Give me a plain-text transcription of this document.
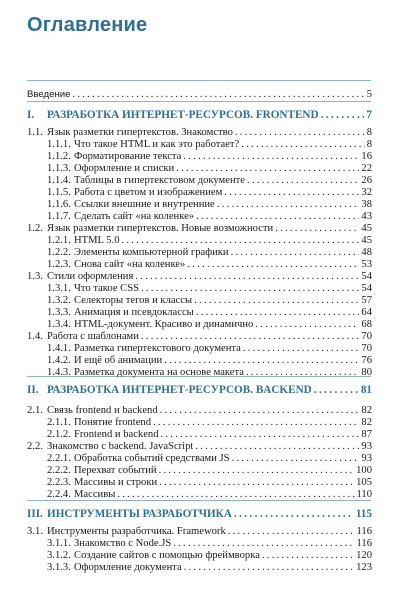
Оглавление
Введение	5
. . .
I. РАЗРАБОТКА ИНТЕРНЕТ-РЕСУРСОВ. FRONTEND	7
. . .
1.1. Язык разметки гипертекстов. Знакомство	8
. . .
1.1.1. Что такое HTML и как это работает?	8
. . .
1.1.2. Форматирование текста	16
. . .
1.1.3. Оформление и списки	22
. . .
1.1.4. Таблицы в гипертекстовом документе	26
. . .
1.1.5. Работа с цветом и изображением	32
. . .
1.1.6. Ссылки внешние и внутренние	38
. . .
1.1.7. Сделать сайт «на коленке»	43
. . .
1.2. Язык разметки гипертекстов. Новые возможности	45
. . .
1.2.1. HTML 5.0	45
. . .
1.2.2. Элементы компьютерной графики	48
. . .
1.2.3. Снова сайт «на коленке»	53
. . .
1.3. Стили оформления	54
. . .
1.3.1. Что такое CSS	54
. . .
1.3.2. Селекторы тегов и классы	57
. . .
1.3.3. Анимация и псевдоклассы	64
. . .
1.3.4. HTML-документ. Красиво и динамично	68
. . .
1.4. Работа с шаблонами	70
. . .
1.4.1. Разметка гипертекстового документа	70
. . .
1.4.2. И ещё об анимации	76
. . .
1.4.3. Разметка документа на основе макета	80
. . .
II. РАЗРАБОТКА ИНТЕРНЕТ-РЕСУРСОВ. BACKEND	81
. . .
2.1. Связь frontend и backend	82
. . .
2.1.1. Понятие frontend	82
. . .
2.1.2. Frontend и backend	87
. . .
2.2. Знакомство с backend. JavaScript	93
. . .
2.2.1. Обработка событий средствами JS	93
. . .
2.2.2. Перехват событий	100
. . .
2.2.3. Массивы и строки	105
. . .
2.2.4. Массивы	110
. . .
III. ИНСТРУМЕНТЫ РАЗРАБОТЧИКА	115
. . .
3.1. Инструменты разработчика. Framework	116
. . .
3.1.1. Знакомство с Node.JS	116
. . .
3.1.2. Создание сайтов с помощью фреймворка	120
. . .
3.1.3. Оформление документа	123
. . .
